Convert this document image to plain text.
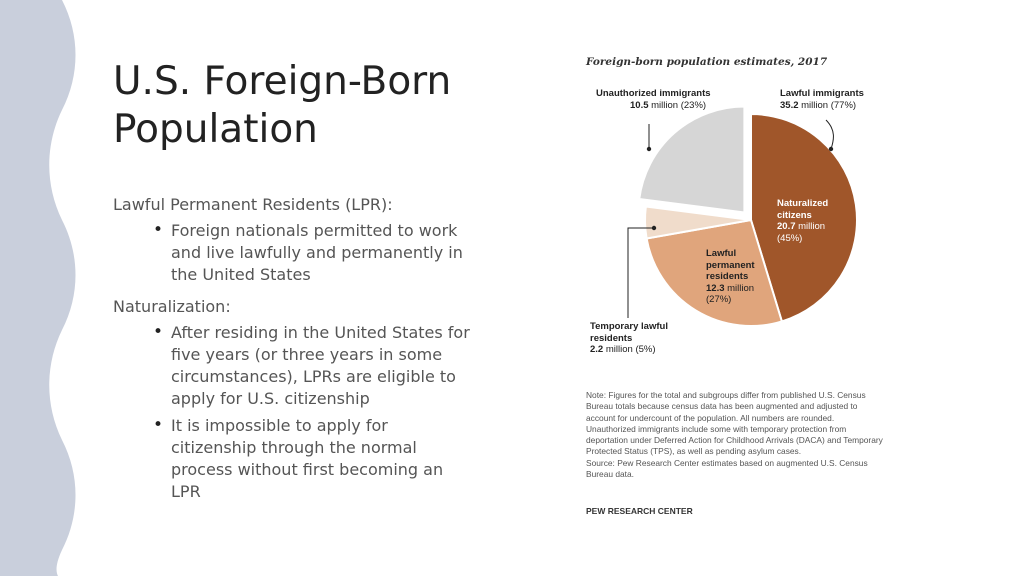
U.S. Foreign-Born
Population

Lawful Permanent Residents (LPR):

• Foreign nationals permitted to work and live lawfully and permanently in the United States

Naturalization:

• After residing in the United States for five years (or three years in some circumstances), LPRs are eligible to apply for U.S. citizenship
• It is impossible to apply for citizenship through the normal process without first becoming an LPR

Foreign-born population estimates, 2017

Unauthorized immigrants
10.5 million (23%)
Lawful immigrants
35.2 million (77%)
Naturalized
citizens
20.7 million
(45%)
Lawful
permanent
residents
12.3 million
(27%)
Temporary lawful
residents
2.2 million (5%)

Note: Figures for the total and subgroups differ from published U.S. Census Bureau totals because census data has been augmented and adjusted to account for undercount of the population. All numbers are rounded. Unauthorized immigrants include some with temporary protection from deportation under Deferred Action for Childhood Arrivals (DACA) and Temporary Protected Status (TPS), as well as pending asylum cases.
Source: Pew Research Center estimates based on augmented U.S. Census Bureau data.

PEW RESEARCH CENTER
